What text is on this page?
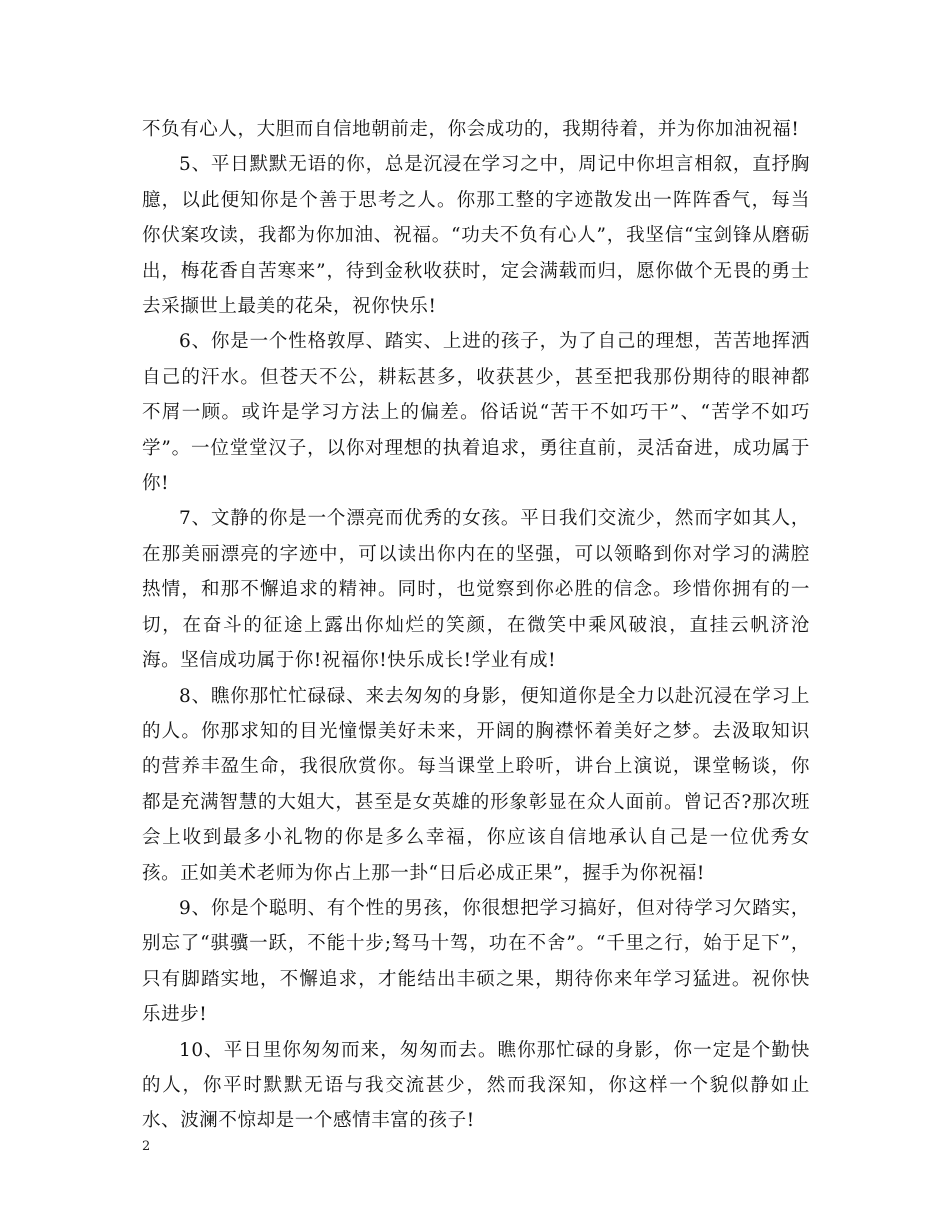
不负有心人，大胆而自信地朝前走，你会成功的，我期待着，并为你加油祝福!

5、平日默默无语的你，总是沉浸在学习之中，周记中你坦言相叙，直抒胸臆，以此便知你是个善于思考之人。你那工整的字迹散发出一阵阵香气，每当你伏案攻读，我都为你加油、祝福。“功夫不负有心人”，我坚信“宝剑锋从磨砺出，梅花香自苦寒来”，待到金秋收获时，定会满载而归，愿你做个无畏的勇士去采撷世上最美的花朵，祝你快乐!

6、你是一个性格敦厚、踏实、上进的孩子，为了自己的理想，苦苦地挥洒自己的汗水。但苍天不公，耕耘甚多，收获甚少，甚至把我那份期待的眼神都不屑一顾。或许是学习方法上的偏差。俗话说“苦干不如巧干”、“苦学不如巧学”。一位堂堂汉子，以你对理想的执着追求，勇往直前，灵活奋进，成功属于你!

7、文静的你是一个漂亮而优秀的女孩。平日我们交流少，然而字如其人，在那美丽漂亮的字迹中，可以读出你内在的坚强，可以领略到你对学习的满腔热情，和那不懈追求的精神。同时，也觉察到你必胜的信念。珍惜你拥有的一切，在奋斗的征途上露出你灿烂的笑颜，在微笑中乘风破浪，直挂云帆济沧海。坚信成功属于你!祝福你!快乐成长!学业有成!

8、瞧你那忙忙碌碌、来去匆匆的身影，便知道你是全力以赴沉浸在学习上的人。你那求知的目光憧憬美好未来，开阔的胸襟怀着美好之梦。去汲取知识的营养丰盈生命，我很欣赏你。每当课堂上聆听，讲台上演说，课堂畅谈，你都是充满智慧的大姐大，甚至是女英雄的形象彰显在众人面前。曾记否?那次班会上收到最多小礼物的你是多么幸福，你应该自信地承认自己是一位优秀女孩。正如美术老师为你占上那一卦“日后必成正果”，握手为你祝福!

9、你是个聪明、有个性的男孩，你很想把学习搞好，但对待学习欠踏实，别忘了“骐骥一跃，不能十步;驽马十驾，功在不舍”。“千里之行，始于足下”，只有脚踏实地，不懈追求，才能结出丰硕之果，期待你来年学习猛进。祝你快乐进步!

10、平日里你匆匆而来，匆匆而去。瞧你那忙碌的身影，你一定是个勤快的人，你平时默默无语与我交流甚少，然而我深知，你这样一个貌似静如止水、波澜不惊却是一个感情丰富的孩子!

2
